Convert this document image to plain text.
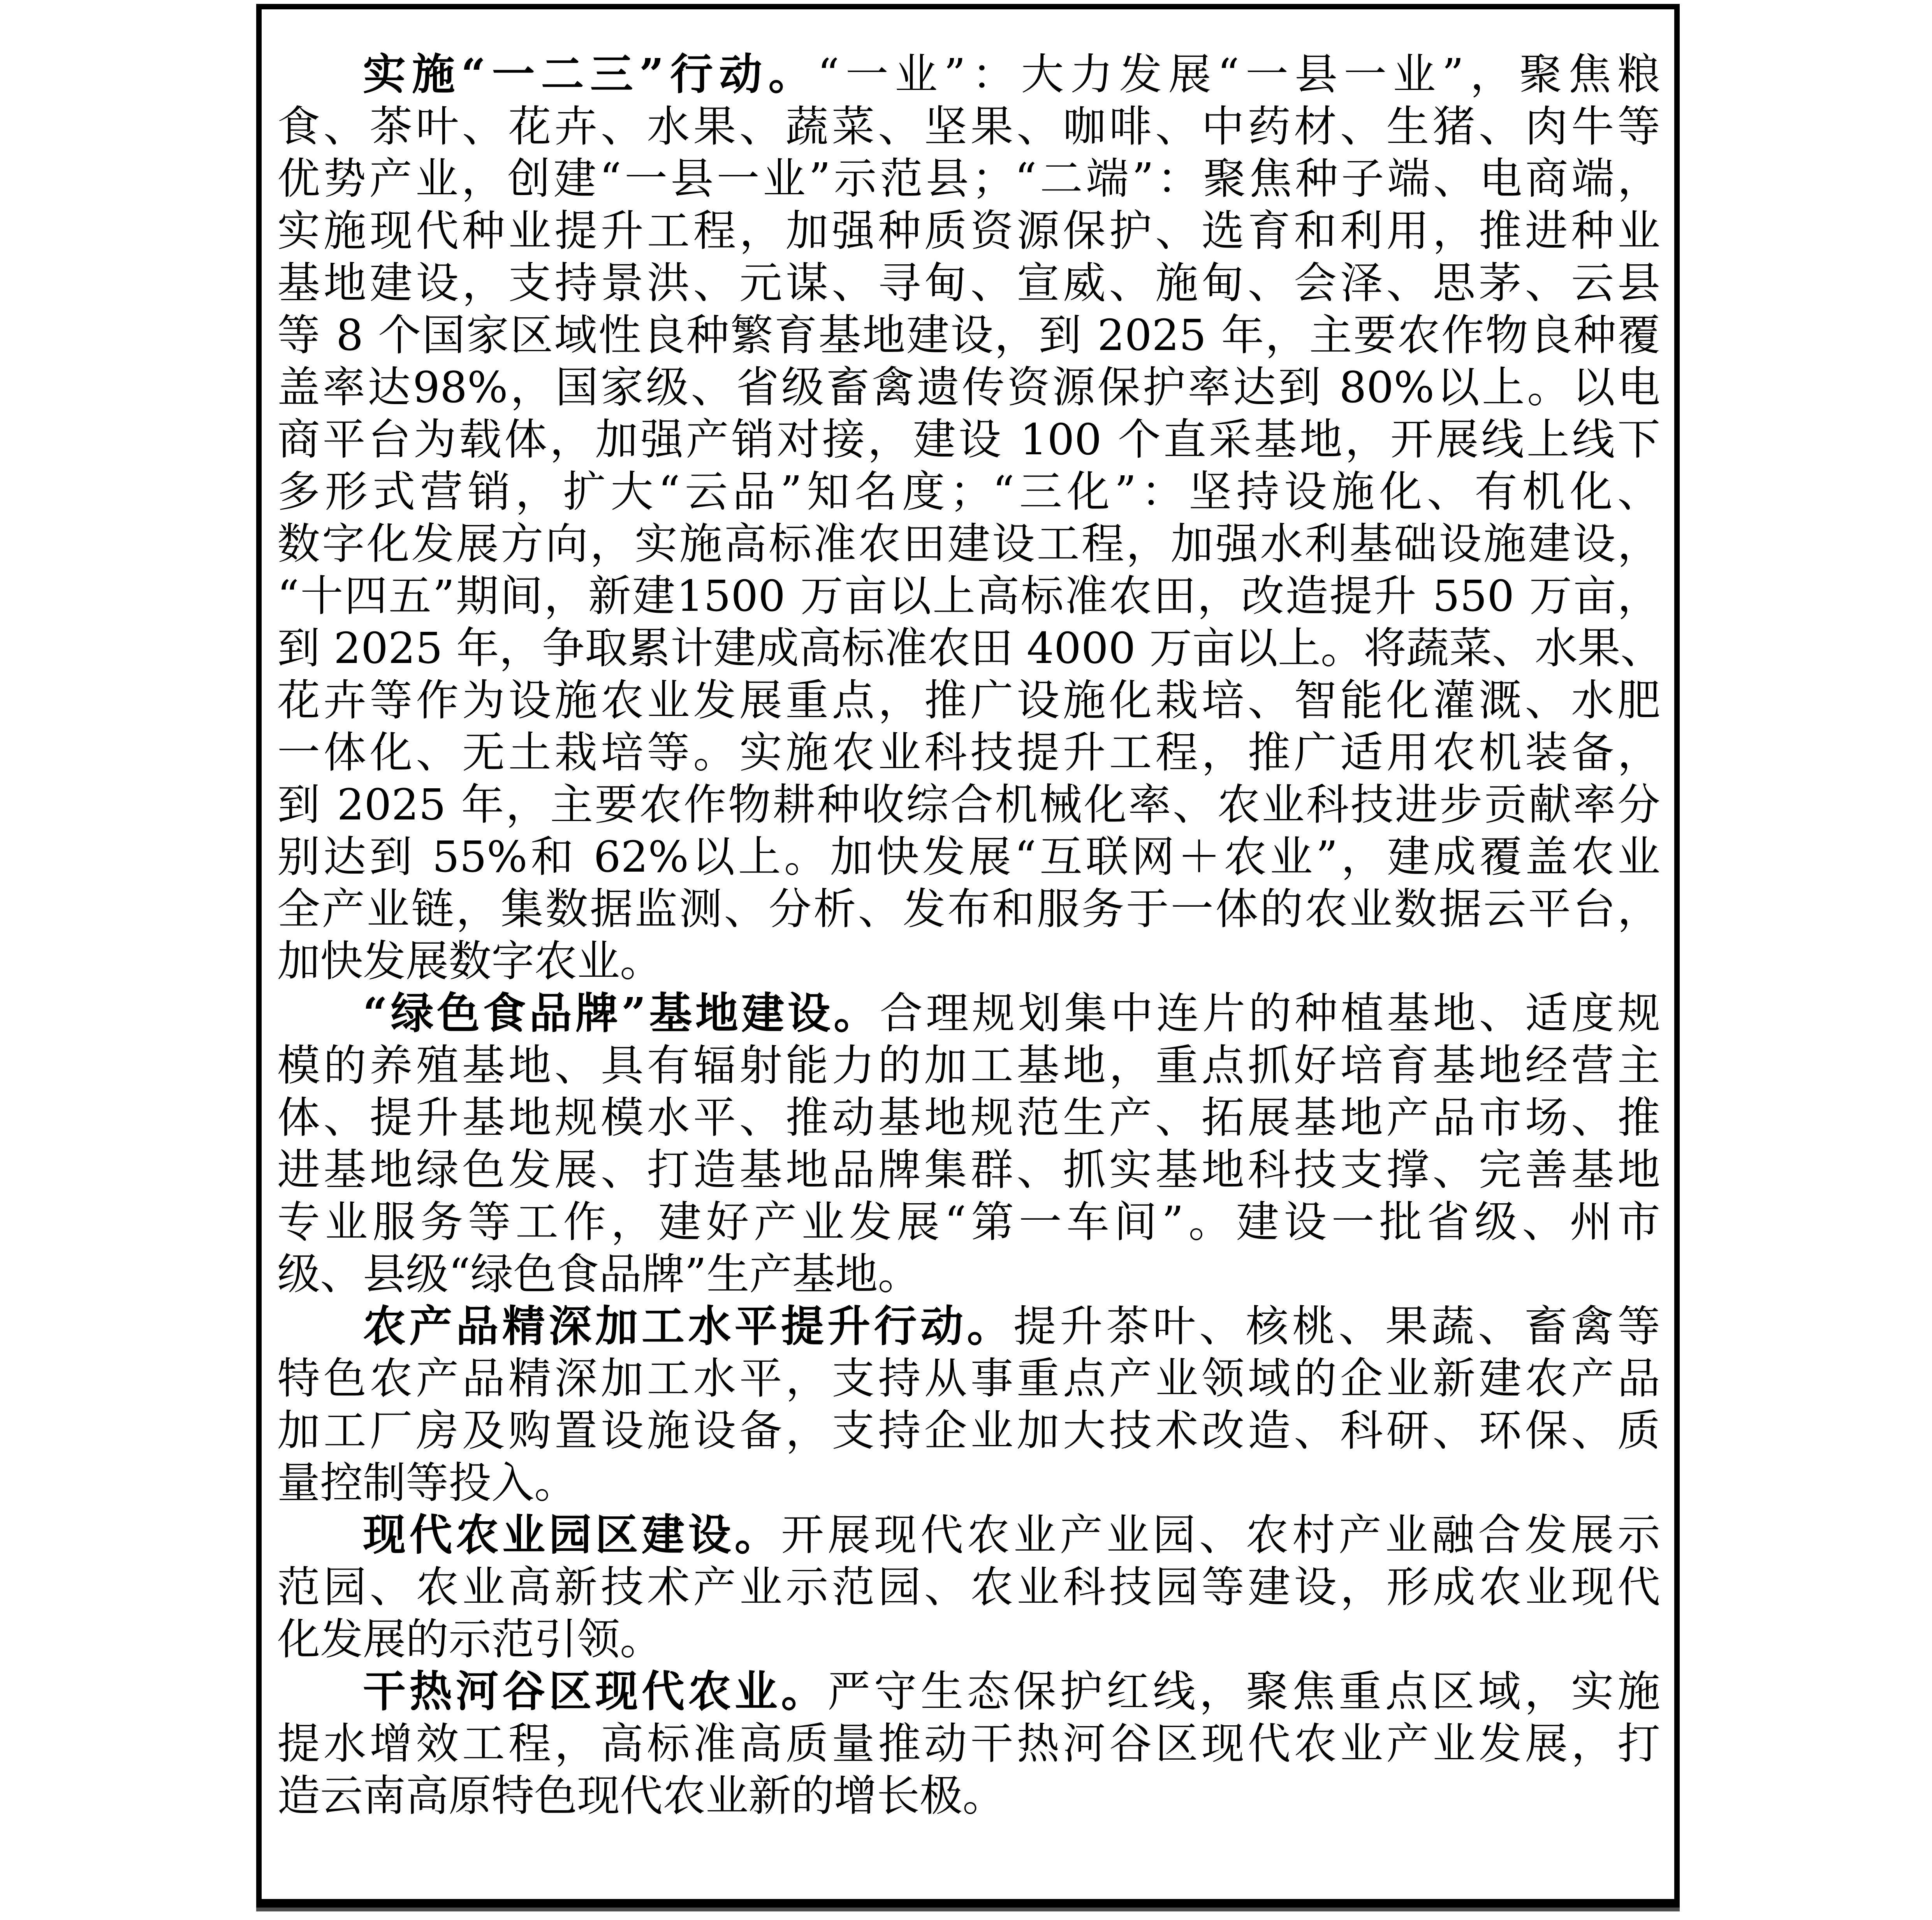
实施“一二三”行动。“一业”：大力发展“一县一业”，聚焦粮
食、茶叶、花卉、水果、蔬菜、坚果、咖啡、中药材、生猪、肉牛等
优势产业，创建“一县一业”示范县；“二端”：聚焦种子端、电商端，
实施现代种业提升工程，加强种质资源保护、选育和利用，推进种业
基地建设，支持景洪、元谋、寻甸、宣威、施甸、会泽、思茅、云县
等 8 个国家区域性良种繁育基地建设，到 2025 年，主要农作物良种覆
盖率达98%，国家级、省级畜禽遗传资源保护率达到 80%以上。以电
商平台为载体，加强产销对接，建设 100 个直采基地，开展线上线下
多形式营销，扩大“云品”知名度；“三化”：坚持设施化、有机化、
数字化发展方向，实施高标准农田建设工程，加强水利基础设施建设，
“十四五”期间，新建1500 万亩以上高标准农田，改造提升 550 万亩，
到 2025 年，争取累计建成高标准农田 4000 万亩以上。将蔬菜、水果、
花卉等作为设施农业发展重点，推广设施化栽培、智能化灌溉、水肥
一体化、无土栽培等。实施农业科技提升工程，推广适用农机装备，
到 2025 年，主要农作物耕种收综合机械化率、农业科技进步贡献率分
别达到 55%和 62%以上。加快发展“互联网＋农业”，建成覆盖农业
全产业链，集数据监测、分析、发布和服务于一体的农业数据云平台，
加快发展数字农业。
“绿色食品牌”基地建设。合理规划集中连片的种植基地、适度规
模的养殖基地、具有辐射能力的加工基地，重点抓好培育基地经营主
体、提升基地规模水平、推动基地规范生产、拓展基地产品市场、推
进基地绿色发展、打造基地品牌集群、抓实基地科技支撑、完善基地
专业服务等工作，建好产业发展“第一车间”。建设一批省级、州市
级、县级“绿色食品牌”生产基地。
农产品精深加工水平提升行动。提升茶叶、核桃、果蔬、畜禽等
特色农产品精深加工水平，支持从事重点产业领域的企业新建农产品
加工厂房及购置设施设备，支持企业加大技术改造、科研、环保、质
量控制等投入。
现代农业园区建设。开展现代农业产业园、农村产业融合发展示
范园、农业高新技术产业示范园、农业科技园等建设，形成农业现代
化发展的示范引领。
干热河谷区现代农业。严守生态保护红线，聚焦重点区域，实施
提水增效工程，高标准高质量推动干热河谷区现代农业产业发展，打
造云南高原特色现代农业新的增长极。
